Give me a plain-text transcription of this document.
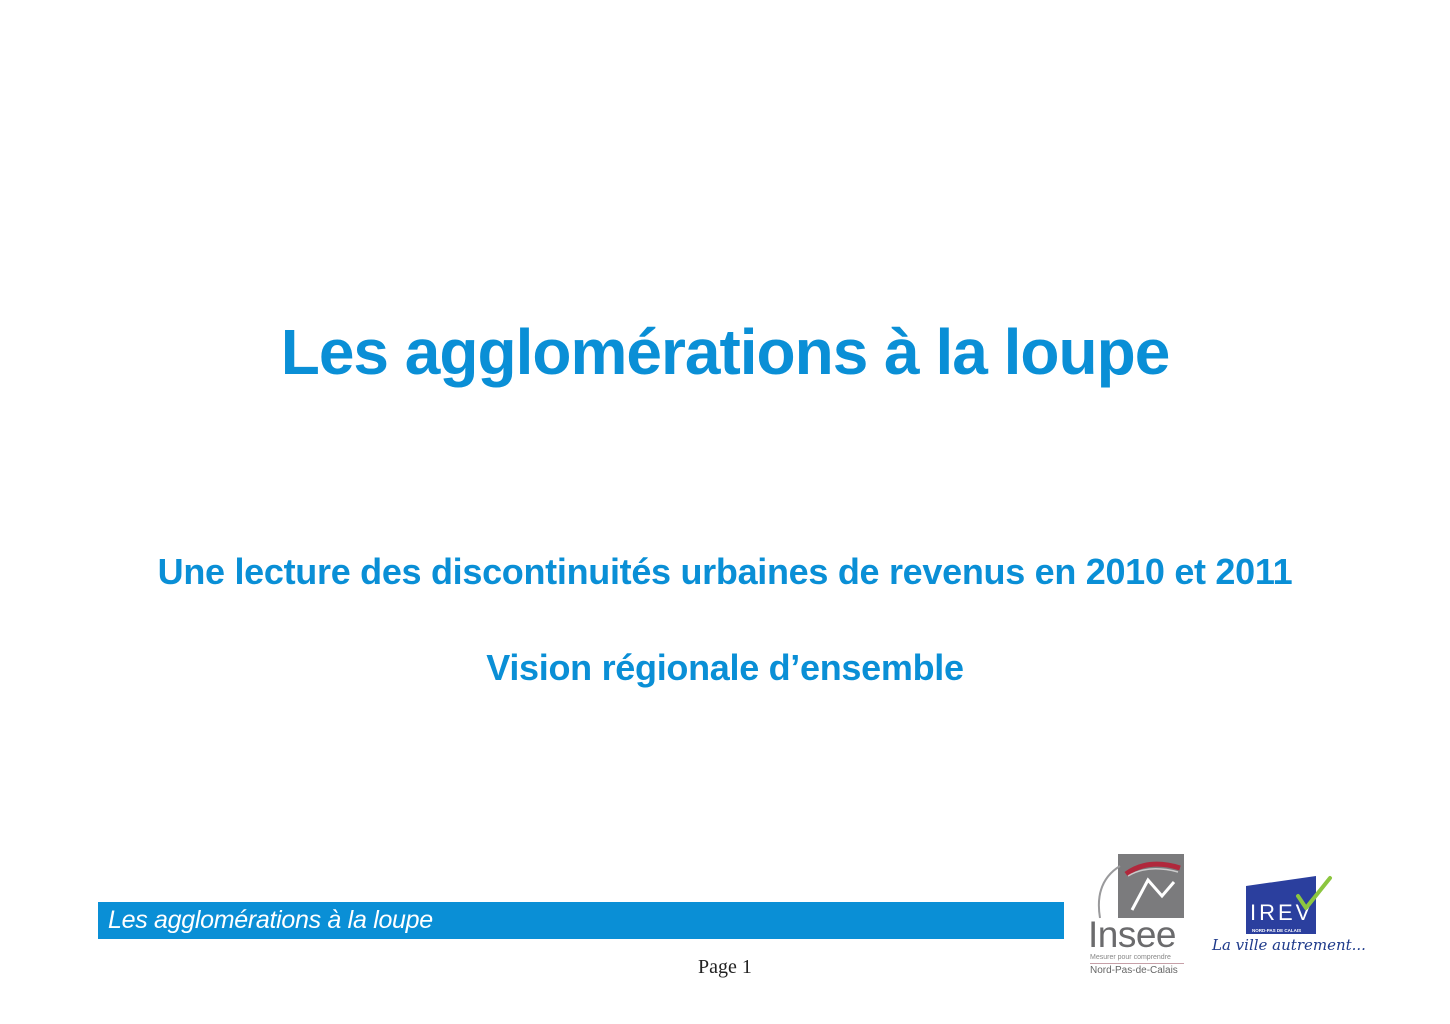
Les agglomérations à la loupe
Une lecture des discontinuités urbaines de revenus en 2010 et 2011
Vision régionale d’ensemble
Les agglomérations à la loupe
Page 1
Insee
Mesurer pour comprendre
Nord-Pas-de-Calais
IREV
NORD-PAS DE CALAIS
La ville autrement...
